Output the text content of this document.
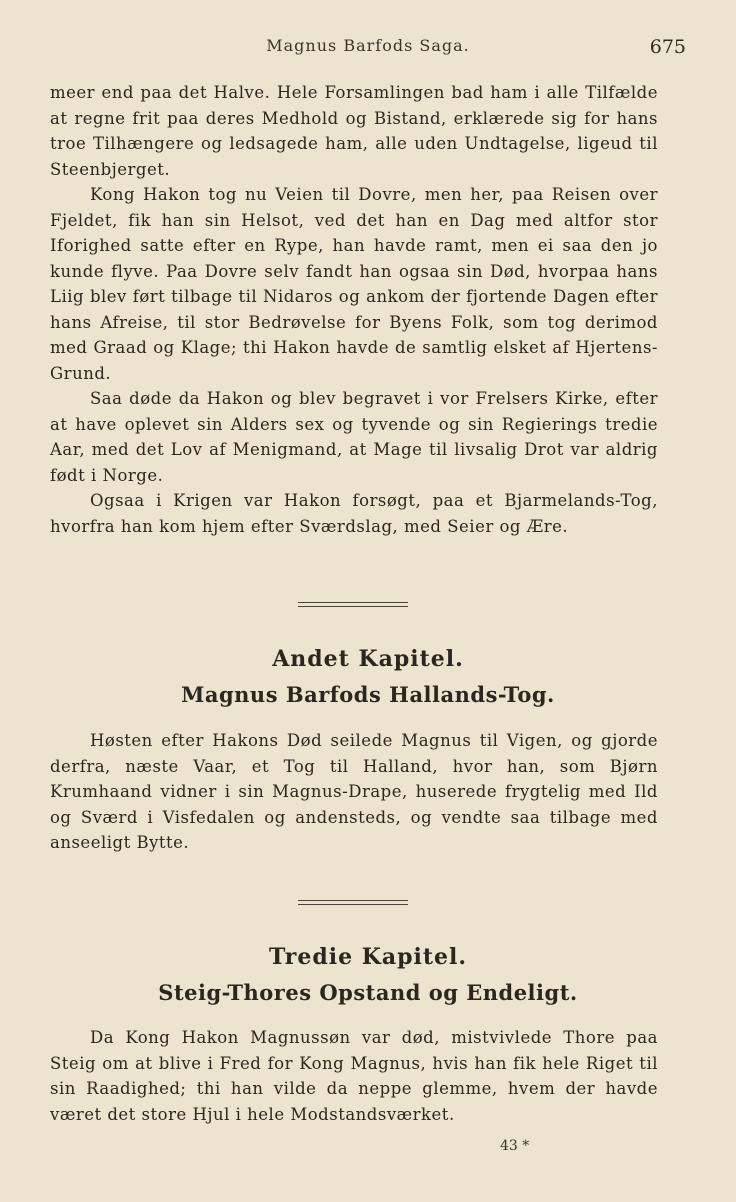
Magnus Barfods Saga.	675

meer end paa det Halve. Hele Forsamlingen bad ham i alle Tilfælde at regne frit paa deres Medhold og Bistand, erklærede sig for hans troe Tilhængere og ledsagede ham, alle uden Undtagelse, ligeud til Steenbjerget.

Kong Hakon tog nu Veien til Dovre, men her, paa Reisen over Fjeldet, fik han sin Helsot, ved det han en Dag med altfor stor Iforighed satte efter en Rype, han havde ramt, men ei saa den jo kunde flyve. Paa Dovre selv fandt han ogsaa sin Død, hvorpaa hans Liig blev ført tilbage til Nidaros og ankom der fjortende Dagen efter hans Afreise, til stor Bedrøvelse for Byens Folk, som tog derimod med Graad og Klage; thi Hakon havde de samtlig elsket af Hjertens-Grund.

Saa døde da Hakon og blev begravet i vor Frelsers Kirke, efter at have oplevet sin Alders sex og tyvende og sin Regierings tredie Aar, med det Lov af Menigmand, at Mage til livsalig Drot var aldrig født i Norge.

Ogsaa i Krigen var Hakon forsøgt, paa et Bjarmelands-Tog, hvorfra han kom hjem efter Sværdslag, med Seier og Ære.

Andet Kapitel.
Magnus Barfods Hallands-Tog.

Høsten efter Hakons Død seilede Magnus til Vigen, og gjorde derfra, næste Vaar, et Tog til Halland, hvor han, som Bjørn Krumhaand vidner i sin Magnus-Drape, huserede frygtelig med Ild og Sværd i Visfedalen og andensteds, og vendte saa tilbage med anseeligt Bytte.

Tredie Kapitel.
Steig-Thores Opstand og Endeligt.

Da Kong Hakon Magnussøn var død, mistvivlede Thore paa Steig om at blive i Fred for Kong Magnus, hvis han fik hele Riget til sin Raadighed; thi han vilde da neppe glemme, hvem der havde været det store Hjul i hele Modstandsværket.

43 *
